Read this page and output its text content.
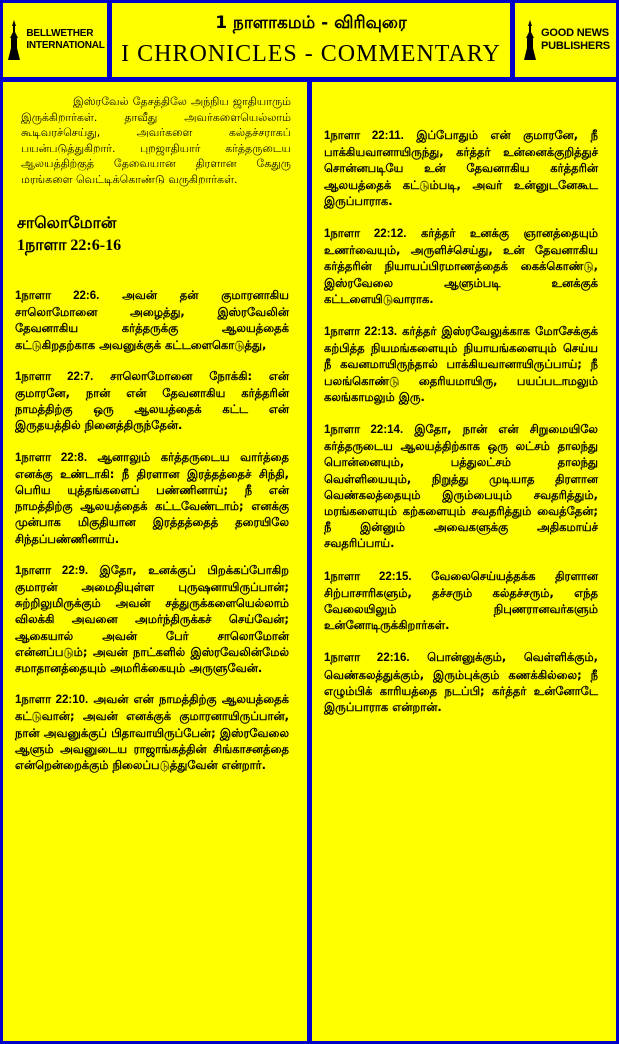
BELLWETHER
INTERNATIONAL
1 நாளாகமம் - விரிவுரை
I CHRONICLES - COMMENTARY
GOOD NEWS
PUBLISHERS

இஸ்ரவேல் தேசத்திலே அந்நிய ஜாதியாரும் இருக்கிறார்கள். தாவீது அவர்களையெல்லாம் கூடிவரச்செய்து, அவர்களை கல்தச்சராகப் பயன்படுத்துகிறார். புறஜாதியார் கர்த்தருடைய ஆலயத்திற்குத் தேவையான திரளான கேதுரு மரங்களை வெட்டிக்கொண்டு வருகிறார்கள்.

சாலொமோன்
1நாளா 22:6-16

1நாளா 22:6. அவன் தன் குமாரனாகிய சாலொமோனை அழைத்து, இஸ்ரவேலின் தேவனாகிய கர்த்தருக்கு ஆலயத்தைக் கட்டுகிறதற்காக அவனுக்குக் கட்டளைகொடுத்து,

1நாளா 22:7. சாலொமோனை நோக்கி: என் குமாரனே, நான் என் தேவனாகிய கர்த்தரின் நாமத்திற்கு ஒரு ஆலயத்தைக் கட்ட என் இருதயத்தில் நினைத்திருந்தேன்.

1நாளா 22:8. ஆனாலும் கர்த்தருடைய வார்த்தை எனக்கு உண்டாகி: நீ திரளான இரத்தத்தைச் சிந்தி, பெரிய யுத்தங்களைப் பண்ணினாய்; நீ என் நாமத்திற்கு ஆலயத்தைக் கட்டவேண்டாம்; எனக்கு முன்பாக மிகுதியான இரத்தத்தைத் தரையிலே சிந்தப்பண்ணினாய்.

1நாளா 22:9. இதோ, உனக்குப் பிறக்கப்போகிற குமாரன் அமைதியுள்ள புருஷனாயிருப்பான்; சுற்றிலுமிருக்கும் அவன் சத்துருக்களையெல்லாம் விலக்கி அவனை அமர்ந்திருக்கச் செய்வேன்; ஆகையால் அவன் பேர் சாலொமோன் என்னப்படும்; அவன் நாட்களில் இஸ்ரவேலின்மேல் சமாதானத்தையும் அமரிக்கையும் அருளுவேன்.

1நாளா 22:10. அவன் என் நாமத்திற்கு ஆலயத்தைக் கட்டுவான்; அவன் எனக்குக் குமாரனாயிருப்பான், நான் அவனுக்குப் பிதாவாயிருப்பேன்; இஸ்ரவேலை ஆளும் அவனுடைய ராஜாங்கத்தின் சிங்காசனத்தை என்றென்றைக்கும் நிலைப்படுத்துவேன் என்றார்.

1நாளா 22:11. இப்போதும் என் குமாரனே, நீ பாக்கியவானாயிருந்து, கர்த்தர் உன்னைக்குறித்துச் சொன்னபடியே உன் தேவனாகிய கர்த்தரின் ஆலயத்தைக் கட்டும்படி, அவர் உன்னுடனேகூட இருப்பாராக.

1நாளா 22:12. கர்த்தர் உனக்கு ஞானத்தையும் உணர்வையும், அருளிச்செய்து, உன் தேவனாகிய கர்த்தரின் நியாயப்பிரமாணத்தைக் கைக்கொண்டு, இஸ்ரவேலை ஆளும்படி உனக்குக் கட்டளையிடுவாராக.

1நாளா 22:13. கர்த்தர் இஸ்ரவேலுக்காக மோசேக்குக் கற்பித்த நியமங்களையும் நியாயங்களையும் செய்ய நீ கவனமாயிருந்தால் பாக்கியவானாயிருப்பாய்; நீ பலங்கொண்டு தைரியமாயிரு, பயப்படாமலும் கலங்காமலும் இரு.

1நாளா 22:14. இதோ, நான் என் சிறுமையிலே கர்த்தருடைய ஆலயத்திற்காக ஒரு லட்சம் தாலந்து பொன்னையும், பத்துலட்சம் தாலந்து வெள்ளியையும், நிறுத்து முடியாத திரளான வெண்கலத்தையும் இரும்பையும் சவதரித்தும், மரங்களையும் கற்களையும் சவதரித்தும் வைத்தேன்; நீ இன்னும் அவைகளுக்கு அதிகமாய்ச் சவதரிப்பாய்.

1நாளா 22:15. வேலைசெய்யத்தக்க திரளான சிற்பாசாரிகளும், தச்சரும் கல்தச்சரும், எந்த வேலையிலும் நிபுணரானவர்களும் உன்னோடிருக்கிறார்கள்.

1நாளா 22:16. பொன்னுக்கும், வெள்ளிக்கும், வெண்கலத்துக்கும், இரும்புக்கும் கணக்கில்லை; நீ எழும்பிக் காரியத்தை நடப்பி; கர்த்தர் உன்னோடே இருப்பாராக என்றான்.
